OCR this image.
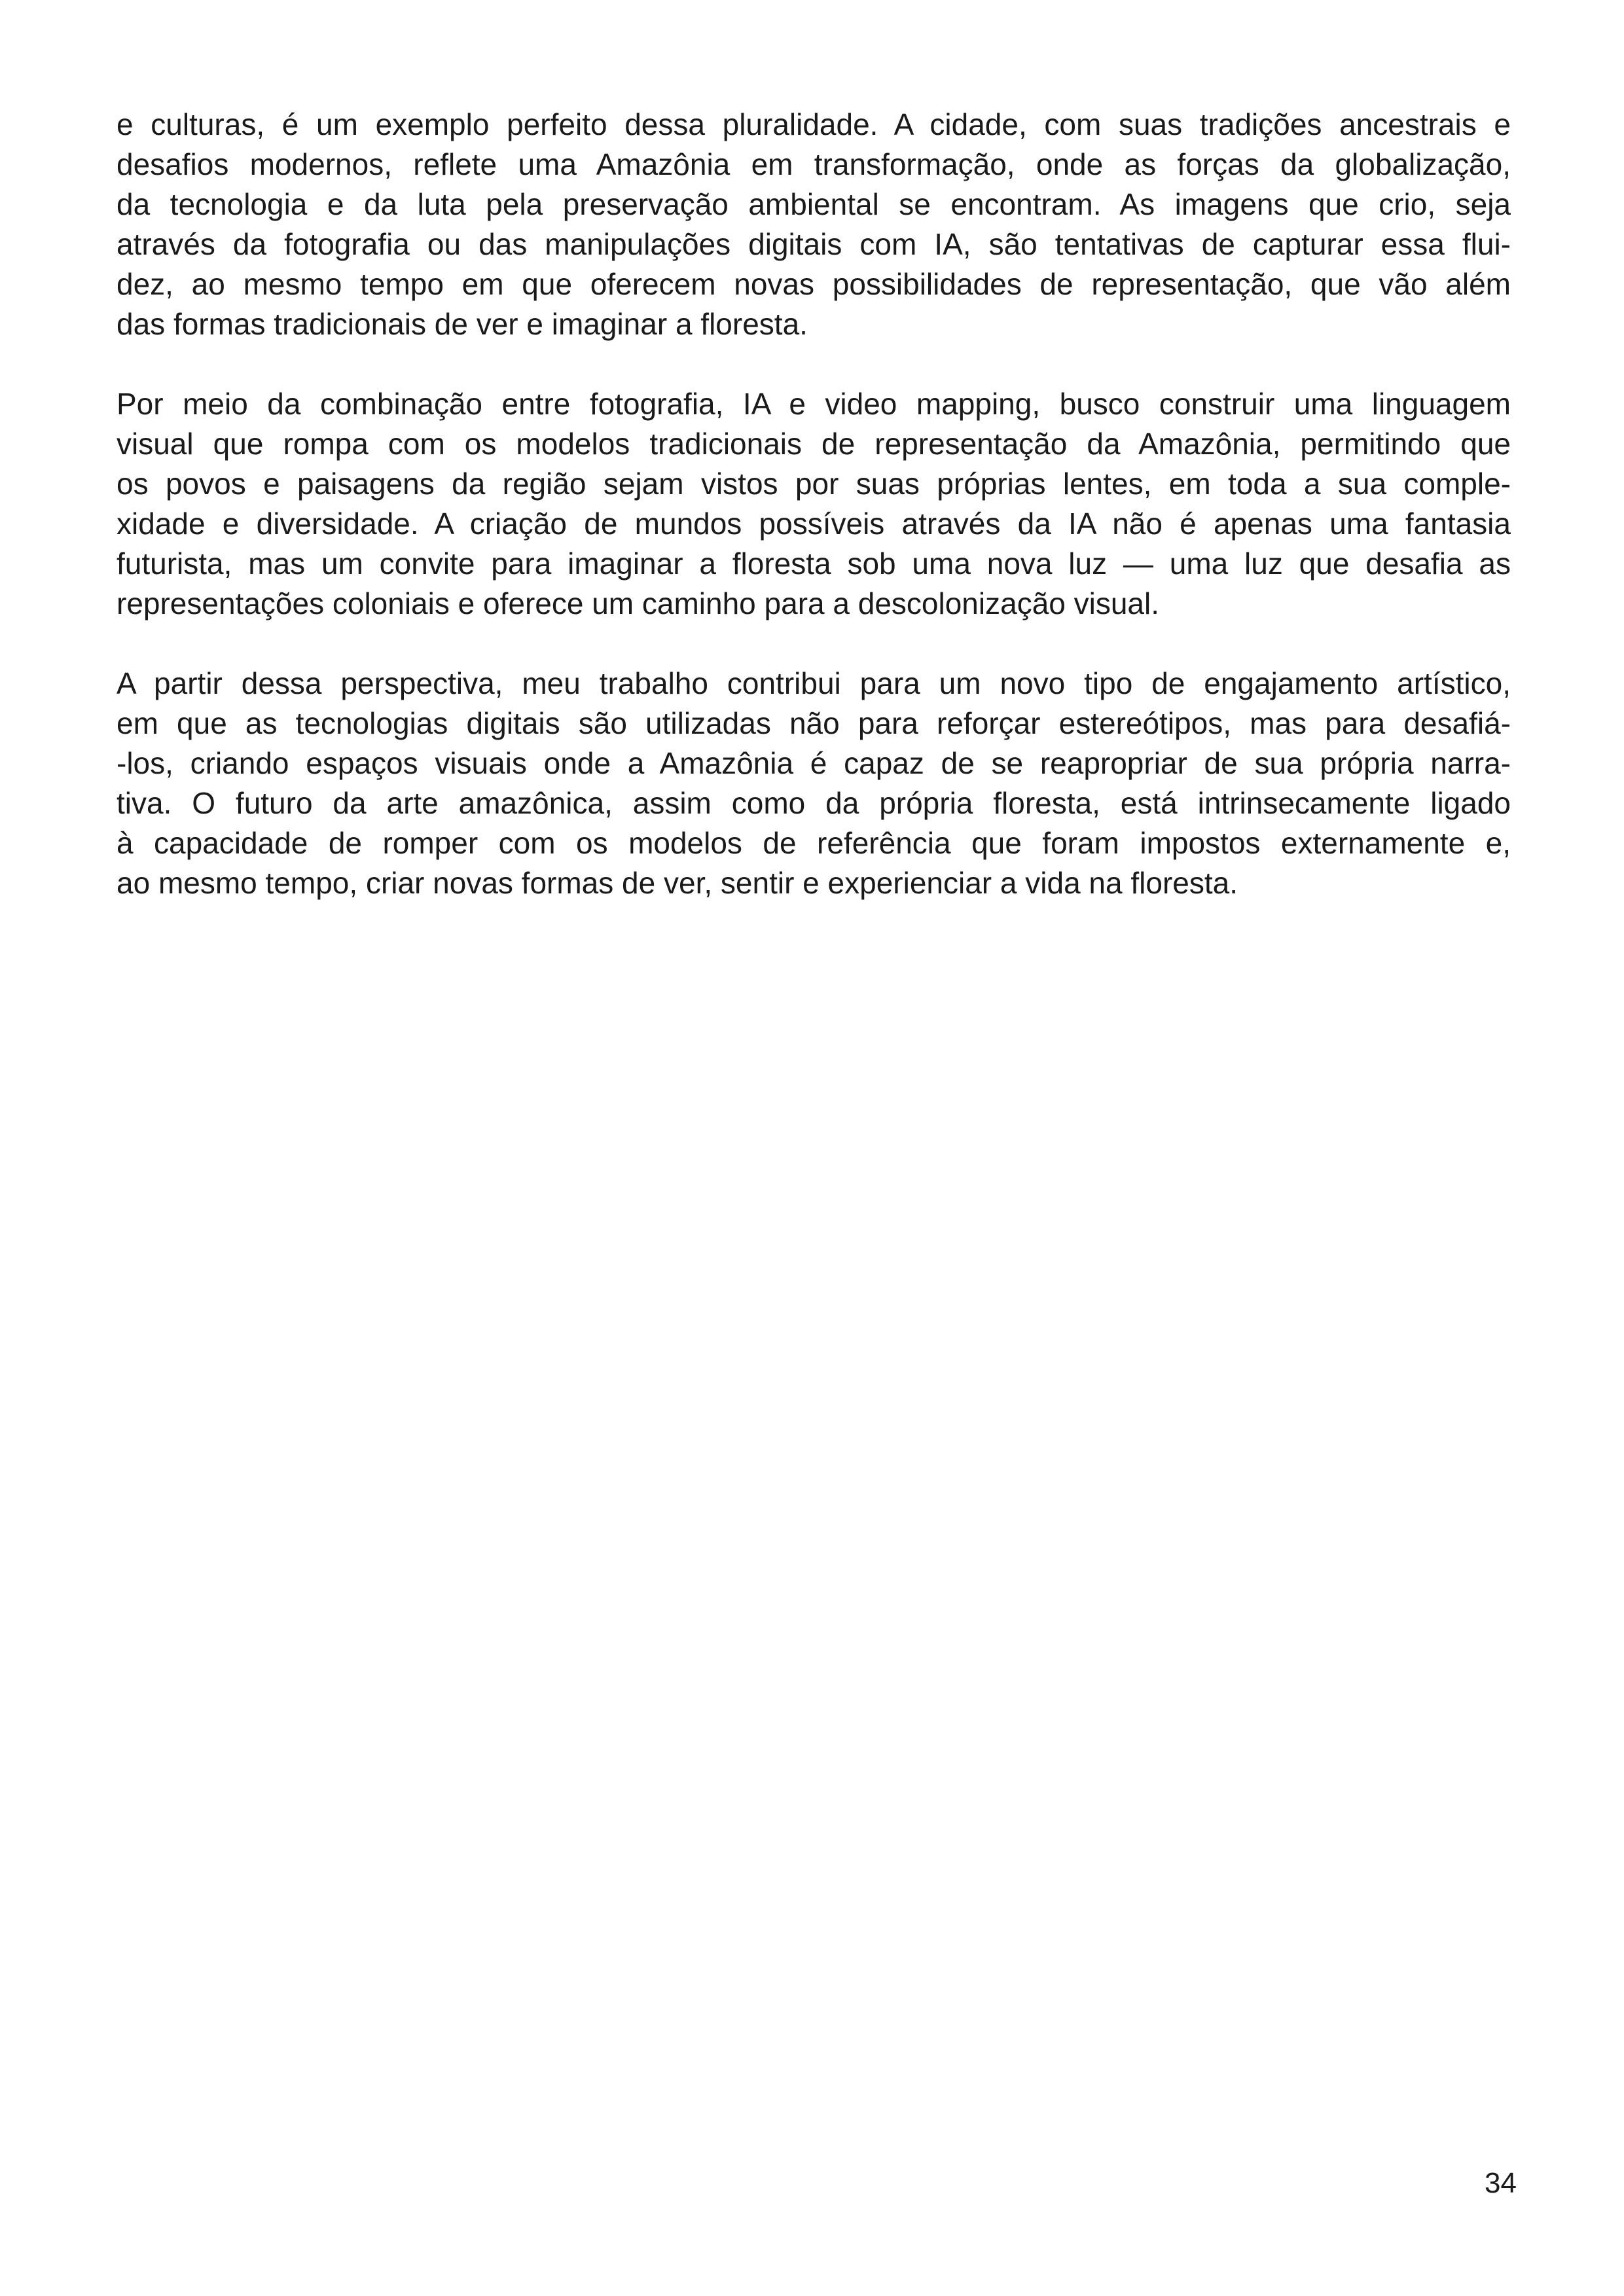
e culturas, é um exemplo perfeito dessa pluralidade. A cidade, com suas tradições ancestrais e
desafios modernos, reflete uma Amazônia em transformação, onde as forças da globalização,
da tecnologia e da luta pela preservação ambiental se encontram. As imagens que crio, seja
através da fotografia ou das manipulações digitais com IA, são tentativas de capturar essa flui-
dez, ao mesmo tempo em que oferecem novas possibilidades de representação, que vão além
das formas tradicionais de ver e imaginar a floresta.

Por meio da combinação entre fotografia, IA e video mapping, busco construir uma linguagem
visual que rompa com os modelos tradicionais de representação da Amazônia, permitindo que
os povos e paisagens da região sejam vistos por suas próprias lentes, em toda a sua comple-
xidade e diversidade. A criação de mundos possíveis através da IA não é apenas uma fantasia
futurista, mas um convite para imaginar a floresta sob uma nova luz — uma luz que desafia as
representações coloniais e oferece um caminho para a descolonização visual.

A partir dessa perspectiva, meu trabalho contribui para um novo tipo de engajamento artístico,
em que as tecnologias digitais são utilizadas não para reforçar estereótipos, mas para desafiá-
-los, criando espaços visuais onde a Amazônia é capaz de se reapropriar de sua própria narra-
tiva. O futuro da arte amazônica, assim como da própria floresta, está intrinsecamente ligado
à capacidade de romper com os modelos de referência que foram impostos externamente e,
ao mesmo tempo, criar novas formas de ver, sentir e experienciar a vida na floresta.

34
